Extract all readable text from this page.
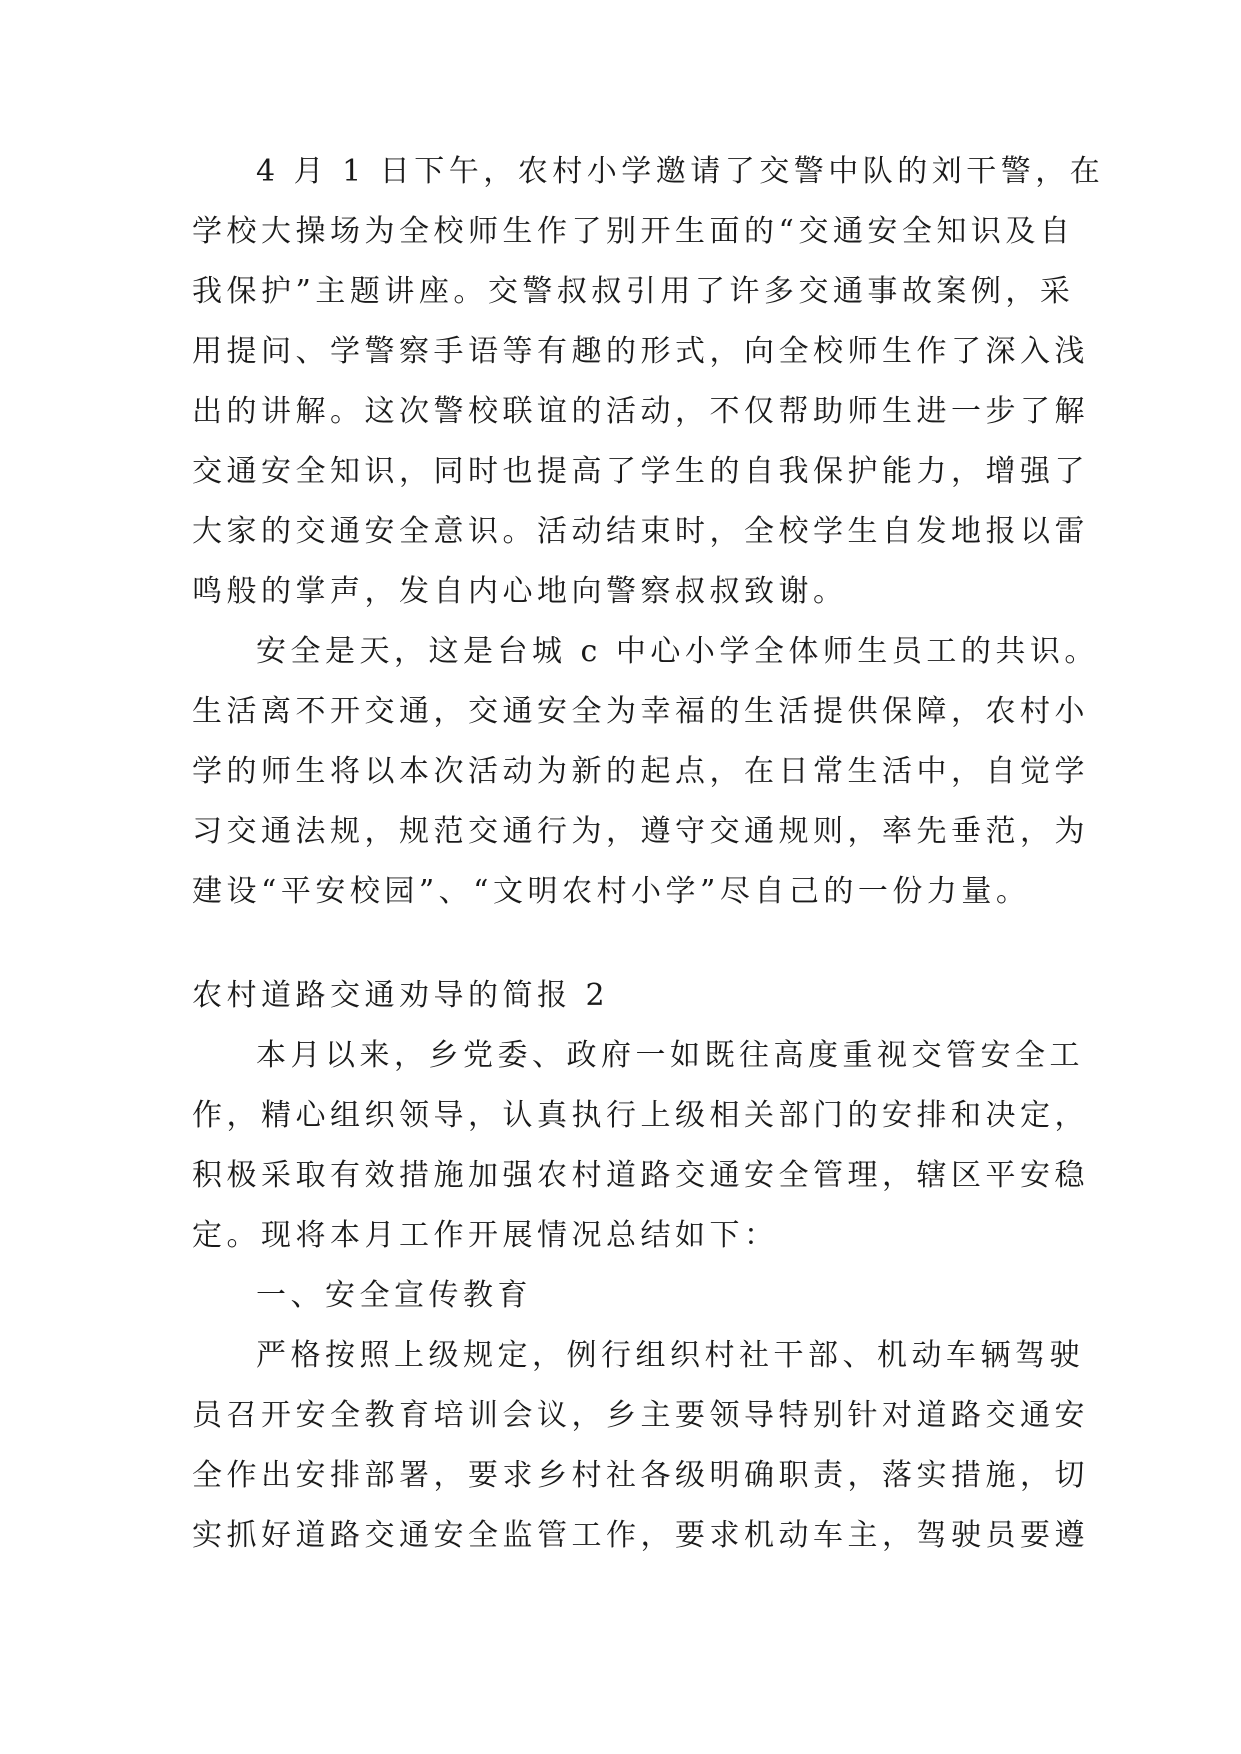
4 月 1 日下午，农村小学邀请了交警中队的刘干警，在
学校大操场为全校师生作了别开生面的“交通安全知识及自
我保护”主题讲座。交警叔叔引用了许多交通事故案例，采
用提问、学警察手语等有趣的形式，向全校师生作了深入浅
出的讲解。这次警校联谊的活动，不仅帮助师生进一步了解
交通安全知识，同时也提高了学生的自我保护能力，增强了
大家的交通安全意识。活动结束时，全校学生自发地报以雷
鸣般的掌声，发自内心地向警察叔叔致谢。
安全是天，这是台城 c 中心小学全体师生员工的共识。
生活离不开交通，交通安全为幸福的生活提供保障，农村小
学的师生将以本次活动为新的起点，在日常生活中，自觉学
习交通法规，规范交通行为，遵守交通规则，率先垂范，为
建设“平安校园”、“文明农村小学”尽自己的一份力量。
农村道路交通劝导的简报 2
本月以来，乡党委、政府一如既往高度重视交管安全工
作，精心组织领导，认真执行上级相关部门的安排和决定，
积极采取有效措施加强农村道路交通安全管理，辖区平安稳
定。现将本月工作开展情况总结如下：
一、安全宣传教育
严格按照上级规定，例行组织村社干部、机动车辆驾驶
员召开安全教育培训会议，乡主要领导特别针对道路交通安
全作出安排部署，要求乡村社各级明确职责，落实措施，切
实抓好道路交通安全监管工作，要求机动车主，驾驶员要遵
